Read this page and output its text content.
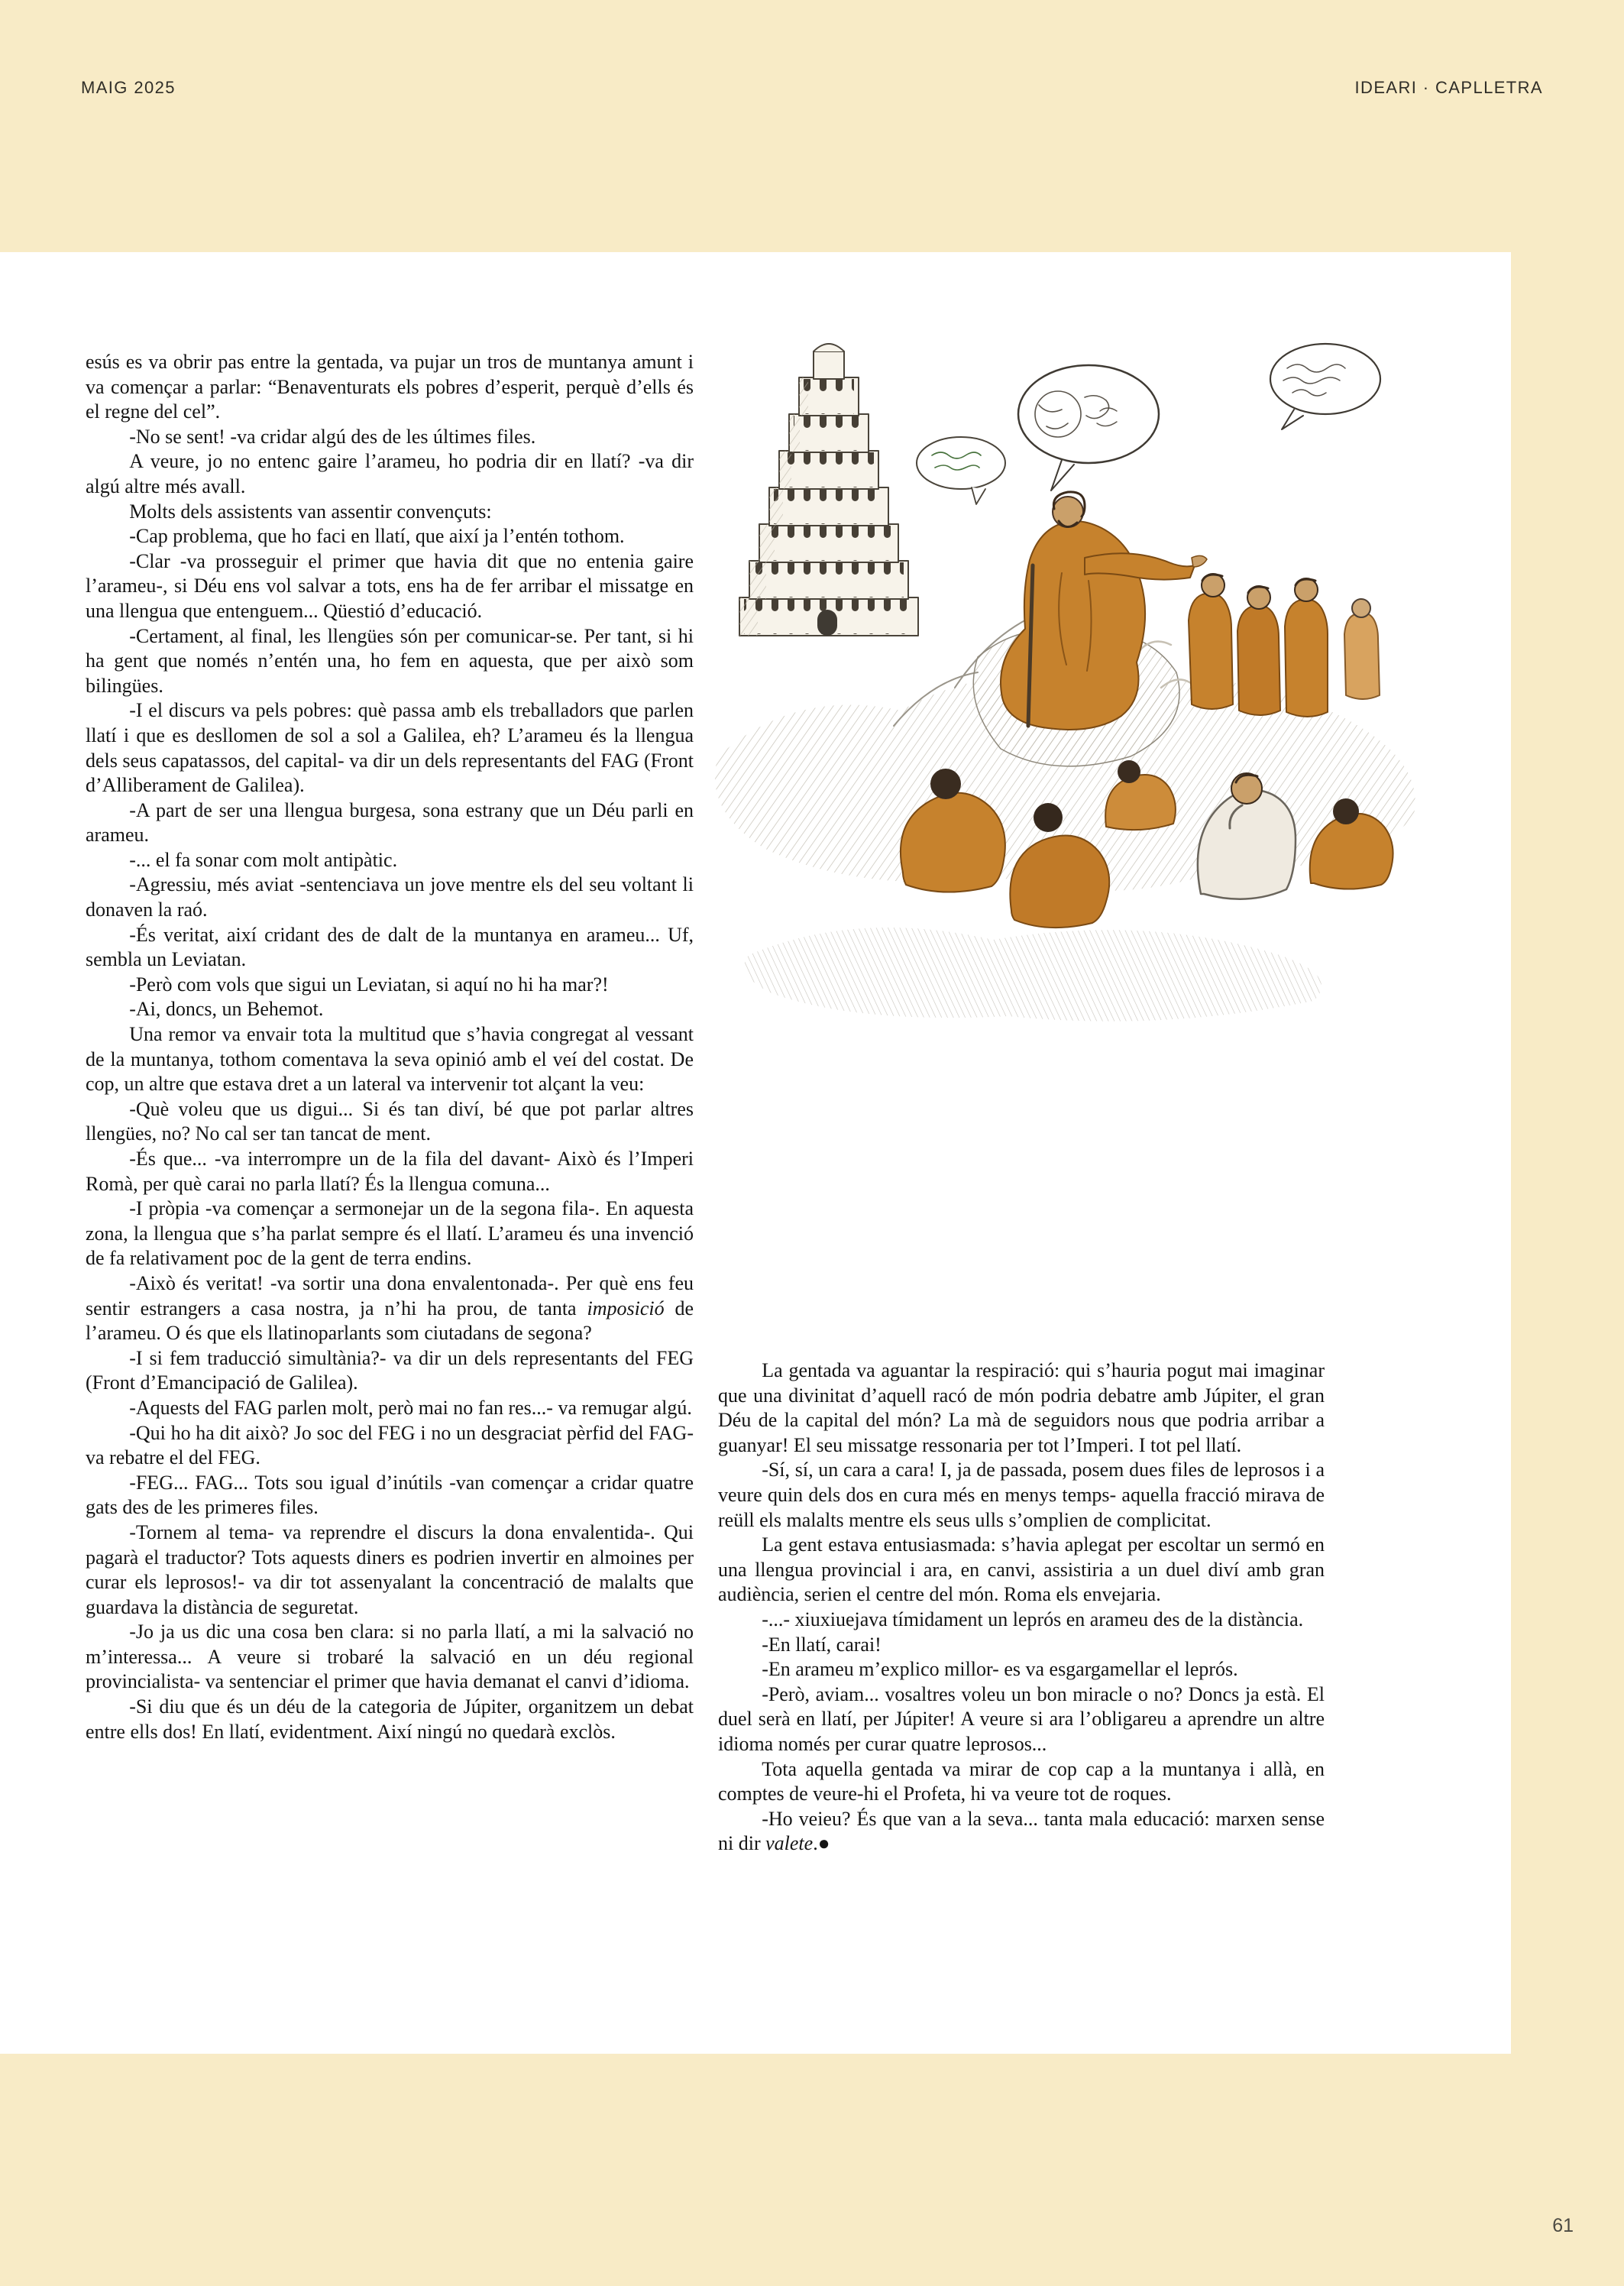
MAIG 2025	IDEARI · CAPLLETRA

esús es va obrir pas entre la gentada, va pujar un tros de muntanya amunt i va començar a parlar: “Benaventurats els pobres d’esperit, perquè d’ells és el regne del cel”.

-No se sent! -va cridar algú des de les últimes files.

A veure, jo no entenc gaire l’arameu, ho podria dir en llatí? -va dir algú altre més avall.

Molts dels assistents van assentir convençuts:

-Cap problema, que ho faci en llatí, que així ja l’entén tothom.

-Clar -va prosseguir el primer que havia dit que no entenia gaire l’arameu-, si Déu ens vol salvar a tots, ens ha de fer arribar el missatge en una llengua que entenguem... Qüestió d’educació.

-Certament, al final, les llengües són per comunicar-se. Per tant, si hi ha gent que només n’entén una, ho fem en aquesta, que per això som bilingües.

-I el discurs va pels pobres: què passa amb els treballadors que parlen llatí i que es desllomen de sol a sol a Galilea, eh? L’arameu és la llengua dels seus capatassos, del capital- va dir un dels representants del FAG (Front d’Alliberament de Galilea).

-A part de ser una llengua burgesa, sona estrany que un Déu parli en arameu.

-... el fa sonar com molt antipàtic.

-Agressiu, més aviat -sentenciava un jove mentre els del seu voltant li donaven la raó.

-És veritat, així cridant des de dalt de la muntanya en arameu... Uf, sembla un Leviatan.

-Però com vols que sigui un Leviatan, si aquí no hi ha mar?!

-Ai, doncs, un Behemot.

Una remor va envair tota la multitud que s’havia congregat al vessant de la muntanya, tothom comentava la seva opinió amb el veí del costat. De cop, un altre que estava dret a un lateral va intervenir tot alçant la veu:

-Què voleu que us digui... Si és tan diví, bé que pot parlar altres llengües, no? No cal ser tan tancat de ment.

-És que... -va interrompre un de la fila del davant- Això és l’Imperi Romà, per què carai no parla llatí? És la llengua comuna...

-I pròpia -va començar a sermonejar un de la segona fila-. En aquesta zona, la llengua que s’ha parlat sempre és el llatí. L’arameu és una invenció de fa relativament poc de la gent de terra endins.

-Això és veritat! -va sortir una dona envalentonada-. Per què ens feu sentir estrangers a casa nostra, ja n’hi ha prou, de tanta imposició de l’arameu. O és que els llatinoparlants som ciutadans de segona?

-I si fem traducció simultània?- va dir un dels representants del FEG (Front d’Emancipació de Galilea).

-Aquests del FAG parlen molt, però mai no fan res...- va remugar algú.

-Qui ho ha dit això? Jo soc del FEG i no un desgraciat pèrfid del FAG- va rebatre el del FEG.

-FEG... FAG... Tots sou igual d’inútils -van començar a cridar quatre gats des de les primeres files.

-Tornem al tema- va reprendre el discurs la dona envalentida-. Qui pagarà el traductor? Tots aquests diners es podrien invertir en almoines per curar els leprosos!- va dir tot assenyalant la concentració de malalts que guardava la distància de seguretat.

-Jo ja us dic una cosa ben clara: si no parla llatí, a mi la salvació no m’interessa... A veure si trobaré la salvació en un déu regional provincialista- va sentenciar el primer que havia demanat el canvi d’idioma.

-Si diu que és un déu de la categoria de Júpiter, organitzem un debat entre ells dos! En llatí, evidentment. Així ningú no quedarà exclòs.

La gentada va aguantar la respiració: qui s’hauria pogut mai imaginar que una divinitat d’aquell racó de món podria debatre amb Júpiter, el gran Déu de la capital del món? La mà de seguidors nous que podria arribar a guanyar! El seu missatge ressonaria per tot l’Imperi. I tot pel llatí.

-Sí, sí, un cara a cara! I, ja de passada, posem dues files de leprosos i a veure quin dels dos en cura més en menys temps- aquella fracció mirava de reüll els malalts mentre els seus ulls s’omplien de complicitat.

La gent estava entusiasmada: s’havia aplegat per escoltar un sermó en una llengua provincial i ara, en canvi, assistiria a un duel diví amb gran audiència, serien el centre del món. Roma els envejaria.

-...- xiuxiuejava tímidament un leprós en arameu des de la distància.

-En llatí, carai!

-En arameu m’explico millor- es va esgargamellar el leprós.

-Però, aviam... vosaltres voleu un bon miracle o no? Doncs ja està. El duel serà en llatí, per Júpiter! A veure si ara l’obligareu a aprendre un altre idioma només per curar quatre leprosos...

Tota aquella gentada va mirar de cop cap a la muntanya i allà, en comptes de veure-hi el Profeta, hi va veure tot de roques.

-Ho veieu? És que van a la seva... tanta mala educació: marxen sense ni dir valete.●

61
